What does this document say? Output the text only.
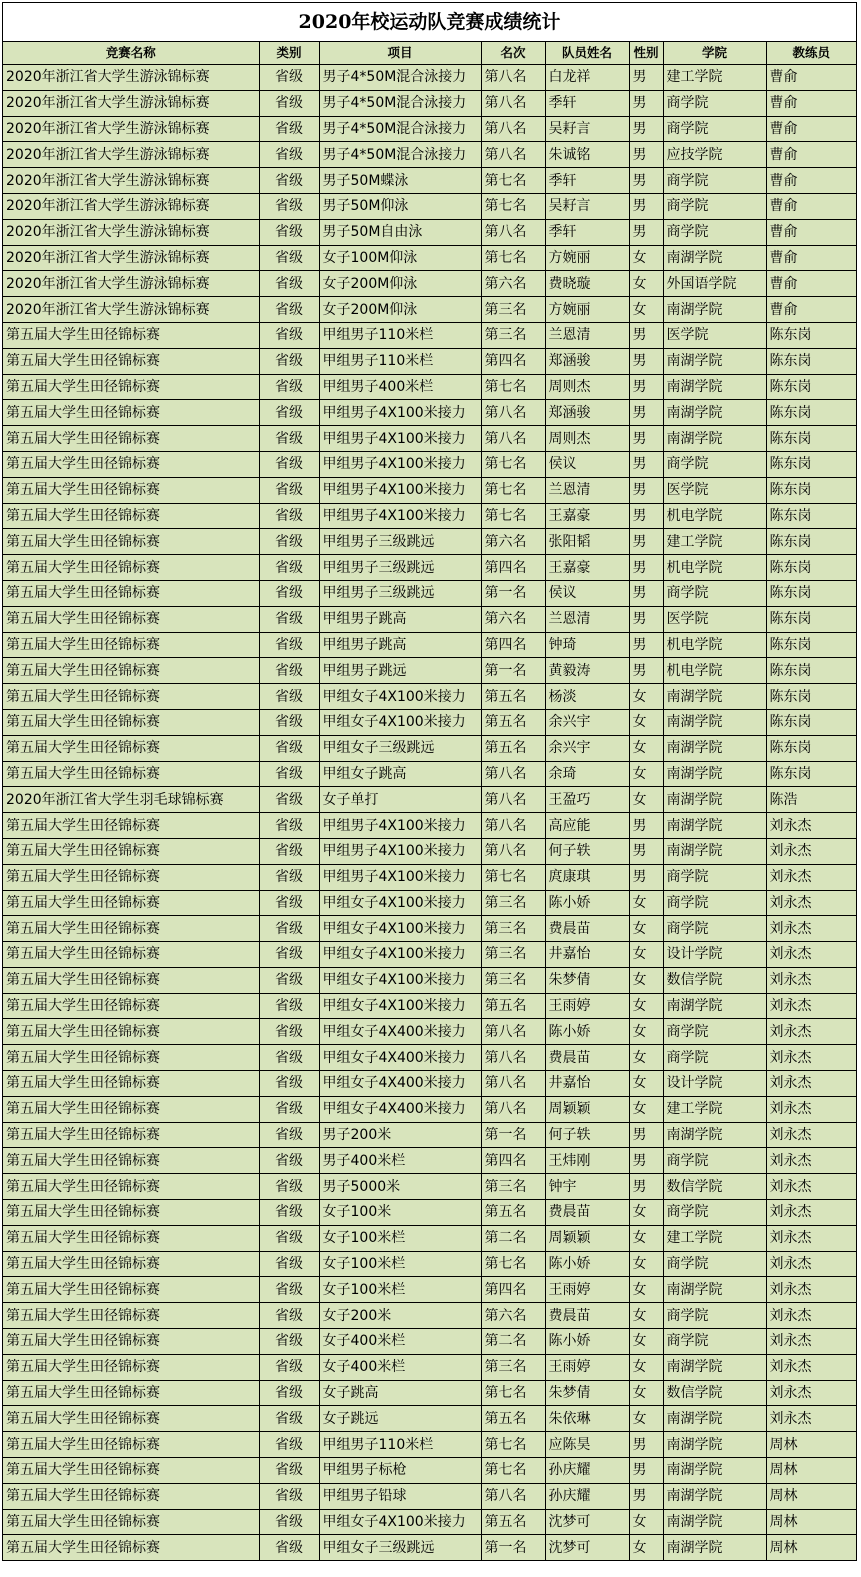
2020年校运动队竞赛成绩统计
竞赛名称	类别	项目	名次	队员姓名	性别	学院	教练员
2020年浙江省大学生游泳锦标赛	省级	男子4*50M混合泳接力	第八名	白龙祥	男	建工学院	曹俞
2020年浙江省大学生游泳锦标赛	省级	男子4*50M混合泳接力	第八名	季轩	男	商学院	曹俞
2020年浙江省大学生游泳锦标赛	省级	男子4*50M混合泳接力	第八名	吴耔言	男	商学院	曹俞
2020年浙江省大学生游泳锦标赛	省级	男子4*50M混合泳接力	第八名	朱诚铭	男	应技学院	曹俞
2020年浙江省大学生游泳锦标赛	省级	男子50M蝶泳	第七名	季轩	男	商学院	曹俞
2020年浙江省大学生游泳锦标赛	省级	男子50M仰泳	第七名	吴耔言	男	商学院	曹俞
2020年浙江省大学生游泳锦标赛	省级	男子50M自由泳	第八名	季轩	男	商学院	曹俞
2020年浙江省大学生游泳锦标赛	省级	女子100M仰泳	第七名	方婉丽	女	南湖学院	曹俞
2020年浙江省大学生游泳锦标赛	省级	女子200M仰泳	第六名	费晓璇	女	外国语学院	曹俞
2020年浙江省大学生游泳锦标赛	省级	女子200M仰泳	第三名	方婉丽	女	南湖学院	曹俞
第五届大学生田径锦标赛	省级	甲组男子110米栏	第三名	兰恩清	男	医学院	陈东岗
第五届大学生田径锦标赛	省级	甲组男子110米栏	第四名	郑涵骏	男	南湖学院	陈东岗
第五届大学生田径锦标赛	省级	甲组男子400米栏	第七名	周则杰	男	南湖学院	陈东岗
第五届大学生田径锦标赛	省级	甲组男子4X100米接力	第八名	郑涵骏	男	南湖学院	陈东岗
第五届大学生田径锦标赛	省级	甲组男子4X100米接力	第八名	周则杰	男	南湖学院	陈东岗
第五届大学生田径锦标赛	省级	甲组男子4X100米接力	第七名	侯议	男	商学院	陈东岗
第五届大学生田径锦标赛	省级	甲组男子4X100米接力	第七名	兰恩清	男	医学院	陈东岗
第五届大学生田径锦标赛	省级	甲组男子4X100米接力	第七名	王嘉豪	男	机电学院	陈东岗
第五届大学生田径锦标赛	省级	甲组男子三级跳远	第六名	张阳韬	男	建工学院	陈东岗
第五届大学生田径锦标赛	省级	甲组男子三级跳远	第四名	王嘉豪	男	机电学院	陈东岗
第五届大学生田径锦标赛	省级	甲组男子三级跳远	第一名	侯议	男	商学院	陈东岗
第五届大学生田径锦标赛	省级	甲组男子跳高	第六名	兰恩清	男	医学院	陈东岗
第五届大学生田径锦标赛	省级	甲组男子跳高	第四名	钟琦	男	机电学院	陈东岗
第五届大学生田径锦标赛	省级	甲组男子跳远	第一名	黄毅涛	男	机电学院	陈东岗
第五届大学生田径锦标赛	省级	甲组女子4X100米接力	第五名	杨淡	女	南湖学院	陈东岗
第五届大学生田径锦标赛	省级	甲组女子4X100米接力	第五名	余兴宇	女	南湖学院	陈东岗
第五届大学生田径锦标赛	省级	甲组女子三级跳远	第五名	余兴宇	女	南湖学院	陈东岗
第五届大学生田径锦标赛	省级	甲组女子跳高	第八名	余琦	女	南湖学院	陈东岗
2020年浙江省大学生羽毛球锦标赛	省级	女子单打	第八名	王盈巧	女	南湖学院	陈浩
第五届大学生田径锦标赛	省级	甲组男子4X100米接力	第八名	高应能	男	南湖学院	刘永杰
第五届大学生田径锦标赛	省级	甲组男子4X100米接力	第八名	何子轶	男	南湖学院	刘永杰
第五届大学生田径锦标赛	省级	甲组男子4X100米接力	第七名	庹康琪	男	商学院	刘永杰
第五届大学生田径锦标赛	省级	甲组女子4X100米接力	第三名	陈小娇	女	商学院	刘永杰
第五届大学生田径锦标赛	省级	甲组女子4X100米接力	第三名	费晨苗	女	商学院	刘永杰
第五届大学生田径锦标赛	省级	甲组女子4X100米接力	第三名	井嘉怡	女	设计学院	刘永杰
第五届大学生田径锦标赛	省级	甲组女子4X100米接力	第三名	朱梦倩	女	数信学院	刘永杰
第五届大学生田径锦标赛	省级	甲组女子4X100米接力	第五名	王雨婷	女	南湖学院	刘永杰
第五届大学生田径锦标赛	省级	甲组女子4X400米接力	第八名	陈小娇	女	商学院	刘永杰
第五届大学生田径锦标赛	省级	甲组女子4X400米接力	第八名	费晨苗	女	商学院	刘永杰
第五届大学生田径锦标赛	省级	甲组女子4X400米接力	第八名	井嘉怡	女	设计学院	刘永杰
第五届大学生田径锦标赛	省级	甲组女子4X400米接力	第八名	周颖颖	女	建工学院	刘永杰
第五届大学生田径锦标赛	省级	男子200米	第一名	何子轶	男	南湖学院	刘永杰
第五届大学生田径锦标赛	省级	男子400米栏	第四名	王炜刚	男	商学院	刘永杰
第五届大学生田径锦标赛	省级	男子5000米	第三名	钟宇	男	数信学院	刘永杰
第五届大学生田径锦标赛	省级	女子100米	第五名	费晨苗	女	商学院	刘永杰
第五届大学生田径锦标赛	省级	女子100米栏	第二名	周颖颖	女	建工学院	刘永杰
第五届大学生田径锦标赛	省级	女子100米栏	第七名	陈小娇	女	商学院	刘永杰
第五届大学生田径锦标赛	省级	女子100米栏	第四名	王雨婷	女	南湖学院	刘永杰
第五届大学生田径锦标赛	省级	女子200米	第六名	费晨苗	女	商学院	刘永杰
第五届大学生田径锦标赛	省级	女子400米栏	第二名	陈小娇	女	商学院	刘永杰
第五届大学生田径锦标赛	省级	女子400米栏	第三名	王雨婷	女	南湖学院	刘永杰
第五届大学生田径锦标赛	省级	女子跳高	第七名	朱梦倩	女	数信学院	刘永杰
第五届大学生田径锦标赛	省级	女子跳远	第五名	朱依琳	女	南湖学院	刘永杰
第五届大学生田径锦标赛	省级	甲组男子110米栏	第七名	应陈昊	男	南湖学院	周林
第五届大学生田径锦标赛	省级	甲组男子标枪	第七名	孙庆耀	男	南湖学院	周林
第五届大学生田径锦标赛	省级	甲组男子铅球	第八名	孙庆耀	男	南湖学院	周林
第五届大学生田径锦标赛	省级	甲组女子4X100米接力	第五名	沈梦可	女	南湖学院	周林
第五届大学生田径锦标赛	省级	甲组女子三级跳远	第一名	沈梦可	女	南湖学院	周林
